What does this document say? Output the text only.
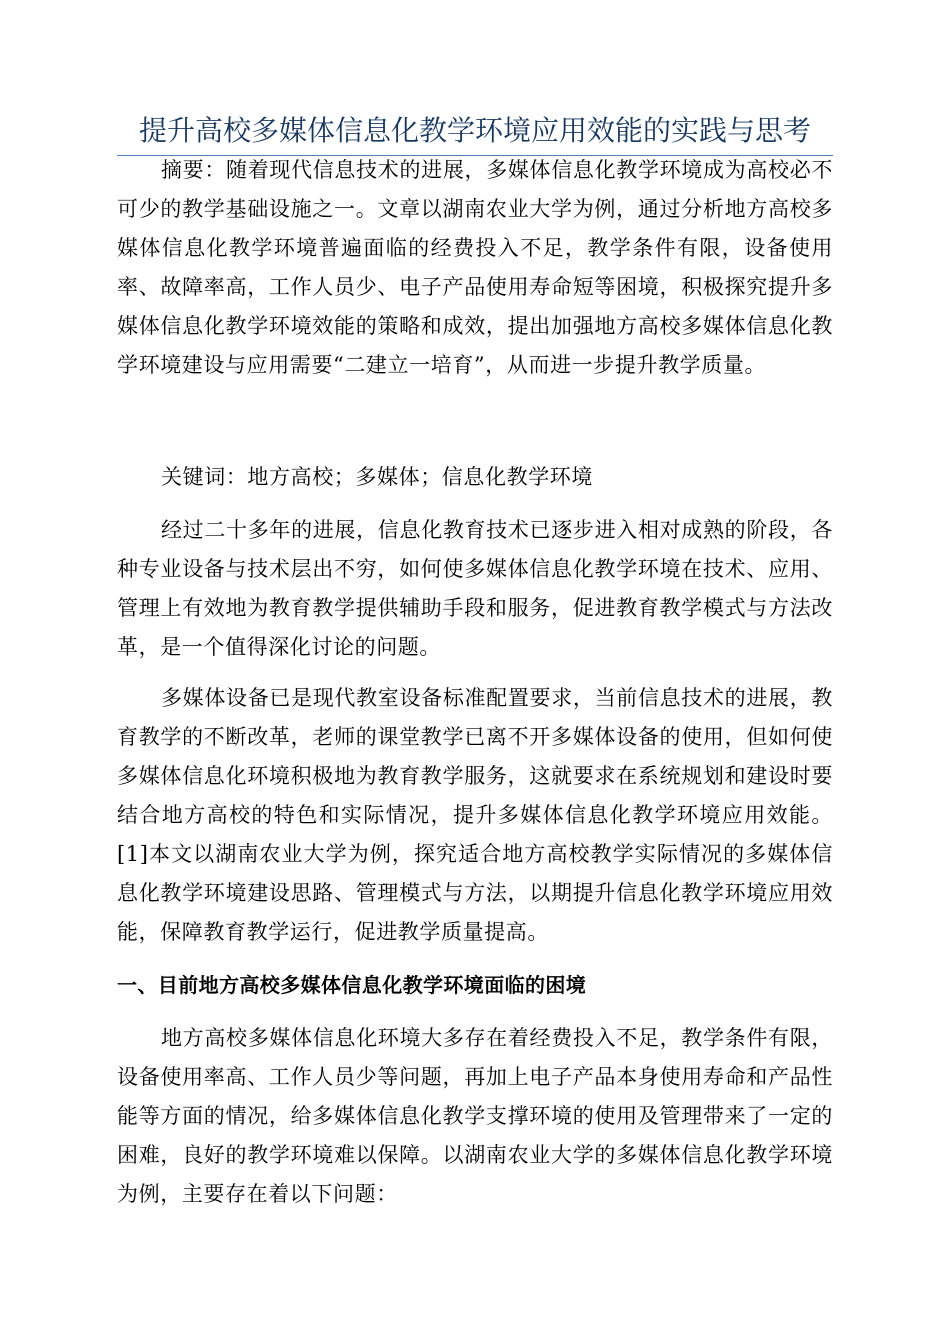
提升高校多媒体信息化教学环境应用效能的实践与思考

摘要：随着现代信息技术的进展，多媒体信息化教学环境成为高校必不可少的教学基础设施之一。文章以湖南农业大学为例，通过分析地方高校多媒体信息化教学环境普遍面临的经费投入不足，教学条件有限，设备使用率、故障率高，工作人员少、电子产品使用寿命短等困境，积极探究提升多媒体信息化教学环境效能的策略和成效，提出加强地方高校多媒体信息化教学环境建设与应用需要“二建立一培育”，从而进一步提升教学质量。

关键词：地方高校；多媒体；信息化教学环境

经过二十多年的进展，信息化教育技术已逐步进入相对成熟的阶段，各种专业设备与技术层出不穷，如何使多媒体信息化教学环境在技术、应用、管理上有效地为教育教学提供辅助手段和服务，促进教育教学模式与方法改革，是一个值得深化讨论的问题。

多媒体设备已是现代教室设备标准配置要求，当前信息技术的进展，教育教学的不断改革，老师的课堂教学已离不开多媒体设备的使用，但如何使多媒体信息化环境积极地为教育教学服务，这就要求在系统规划和建设时要结合地方高校的特色和实际情况，提升多媒体信息化教学环境应用效能。[1]本文以湖南农业大学为例，探究适合地方高校教学实际情况的多媒体信息化教学环境建设思路、管理模式与方法，以期提升信息化教学环境应用效能，保障教育教学运行，促进教学质量提高。

一、目前地方高校多媒体信息化教学环境面临的困境

地方高校多媒体信息化环境大多存在着经费投入不足，教学条件有限，设备使用率高、工作人员少等问题，再加上电子产品本身使用寿命和产品性能等方面的情况，给多媒体信息化教学支撑环境的使用及管理带来了一定的困难，良好的教学环境难以保障。以湖南农业大学的多媒体信息化教学环境为例，主要存在着以下问题：
